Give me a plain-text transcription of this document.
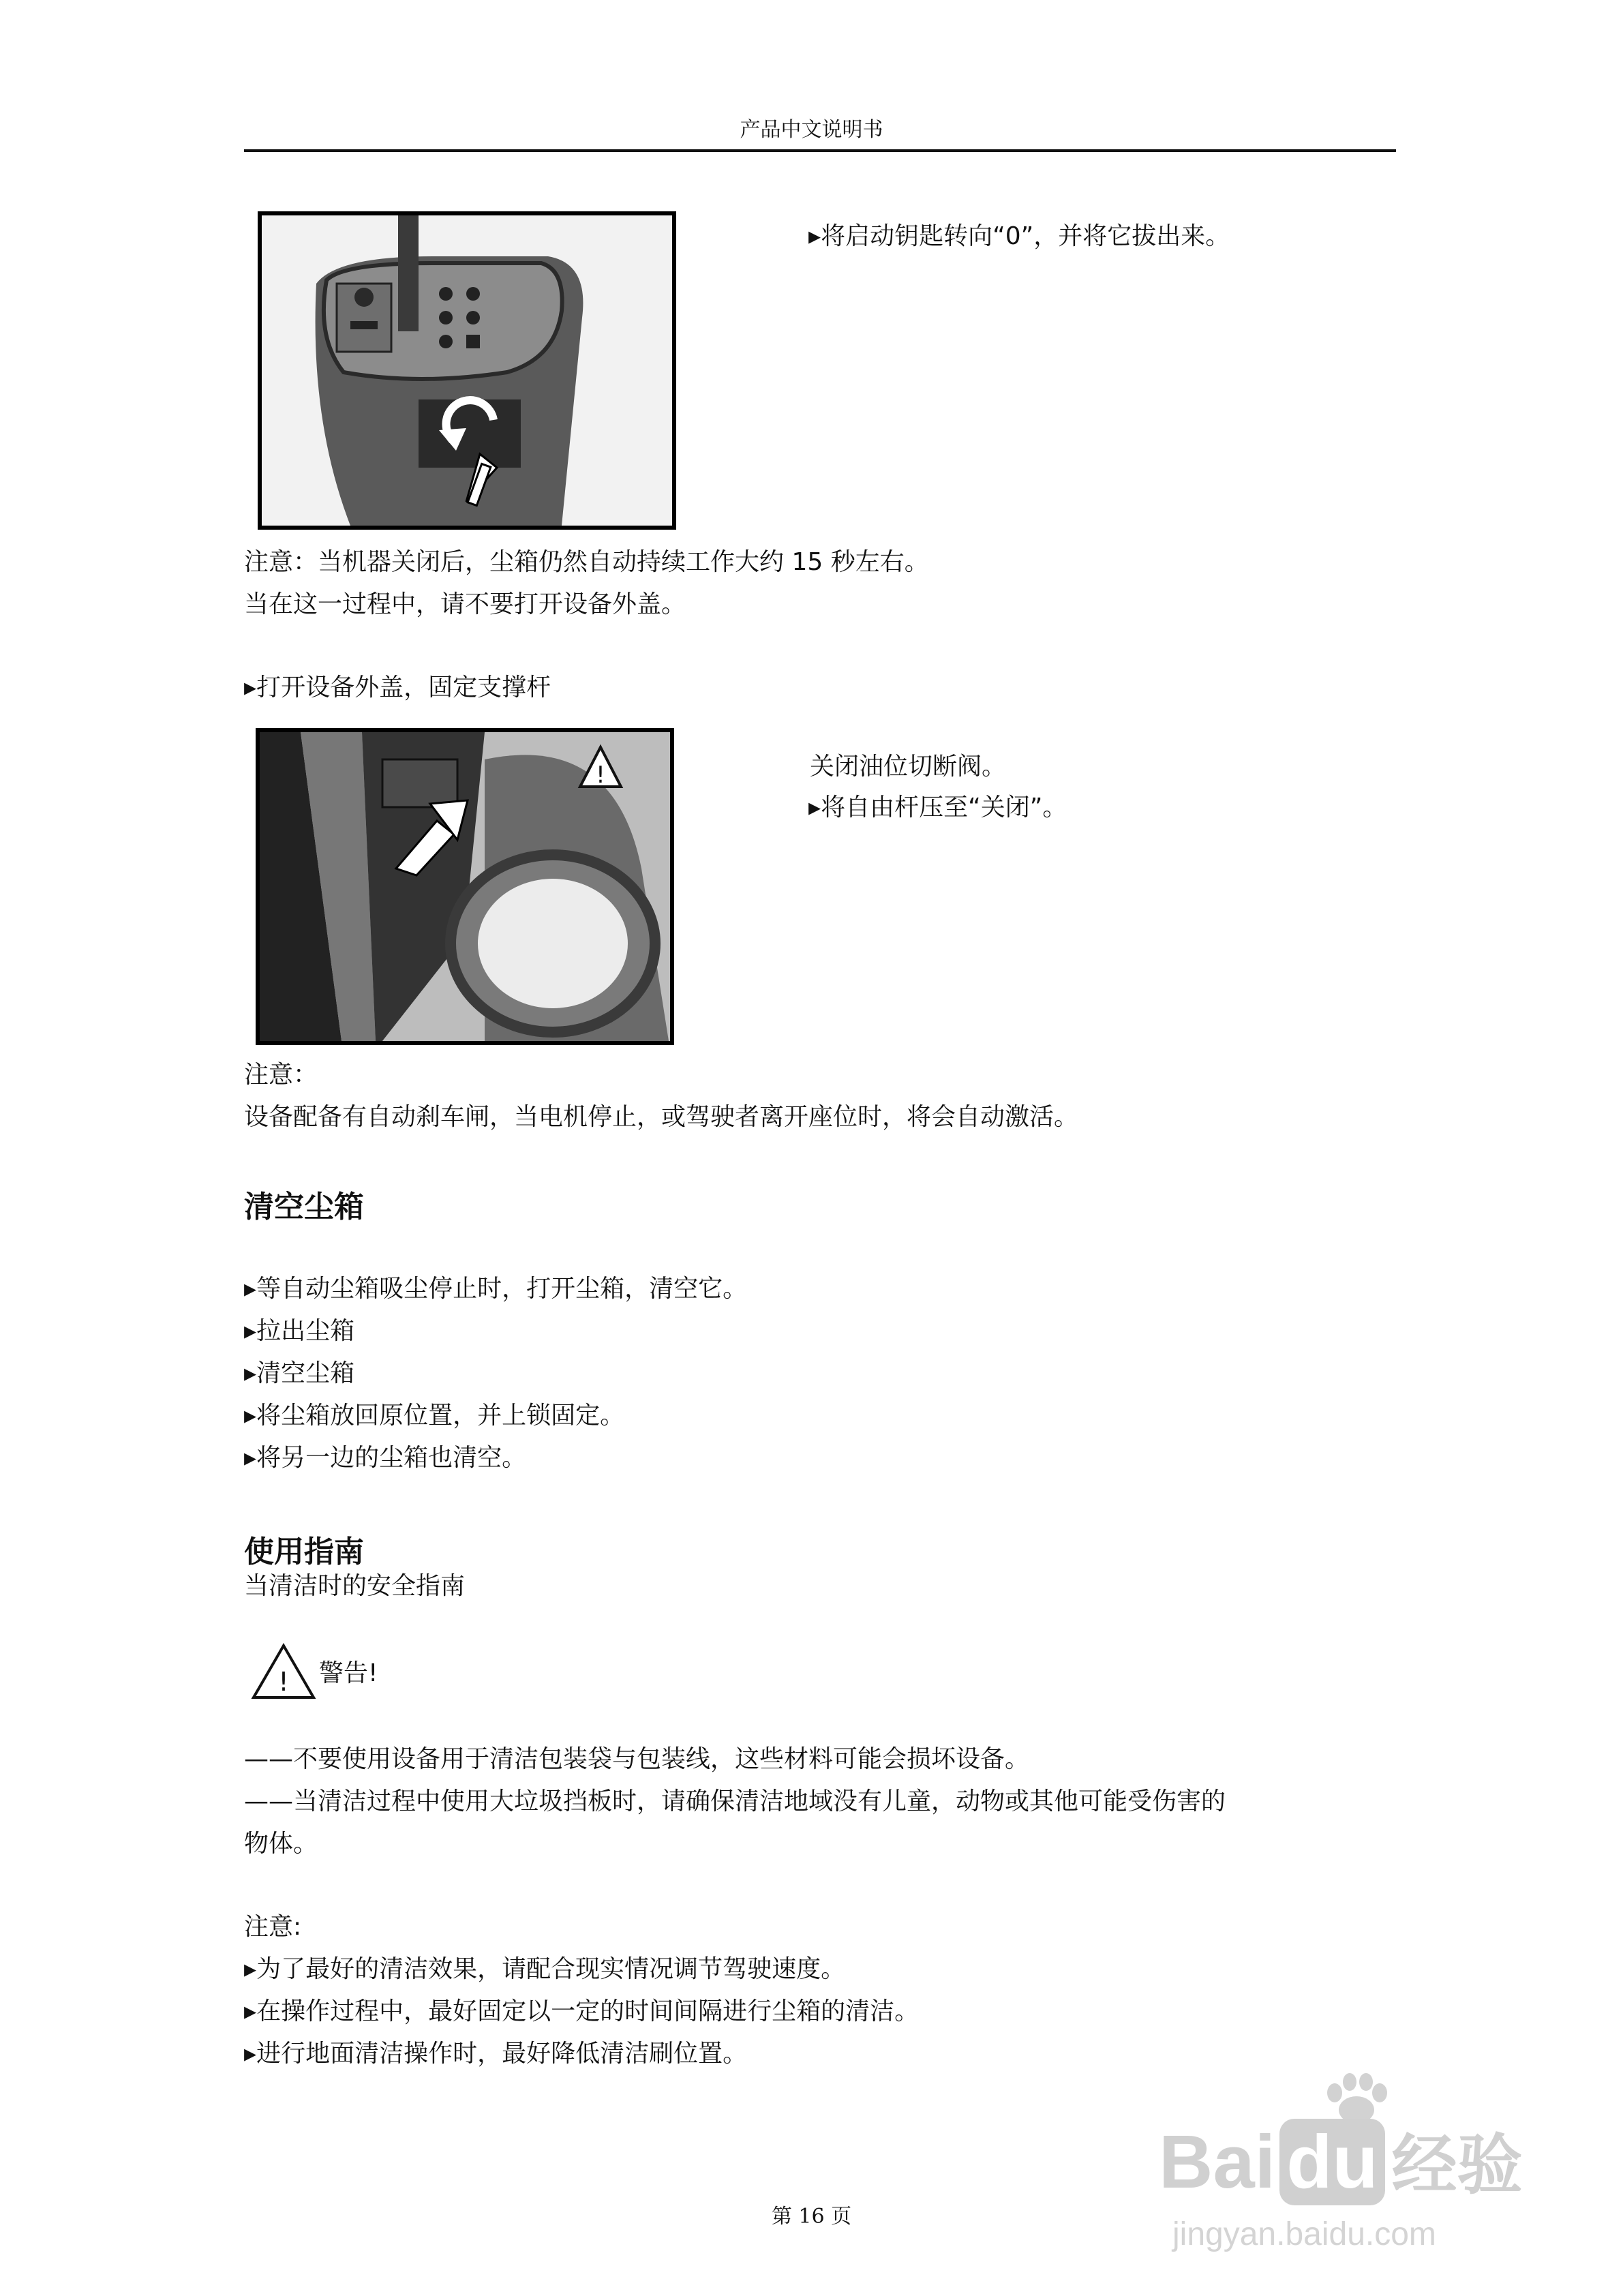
产品中文说明书
▸将启动钥匙转向“0”，并将它拔出来。
注意：当机器关闭后，尘箱仍然自动持续工作大约 15 秒左右。
当在这一过程中，请不要打开设备外盖。
▸打开设备外盖，固定支撑杆
!	关闭油位切断阀。
▸将自由杆压至“关闭”。
注意：
设备配备有自动刹车闸，当电机停止，或驾驶者离开座位时，将会自动激活。
清空尘箱
▸等自动尘箱吸尘停止时，打开尘箱，清空它。
▸拉出尘箱
▸清空尘箱
▸将尘箱放回原位置，并上锁固定。
▸将另一边的尘箱也清空。
使用指南
当清洁时的安全指南
! 警告!
——不要使用设备用于清洁包装袋与包装线，这些材料可能会损坏设备。
——当清洁过程中使用大垃圾挡板时，请确保清洁地域没有儿童，动物或其他可能受伤害的
物体。
注意:
▸为了最好的清洁效果，请配合现实情况调节驾驶速度。
▸在操作过程中，最好固定以一定的时间间隔进行尘箱的清洁。
▸进行地面清洁操作时，最好降低清洁刷位置。
第 16 页
Bai du 经验
jingyan.baidu.com
